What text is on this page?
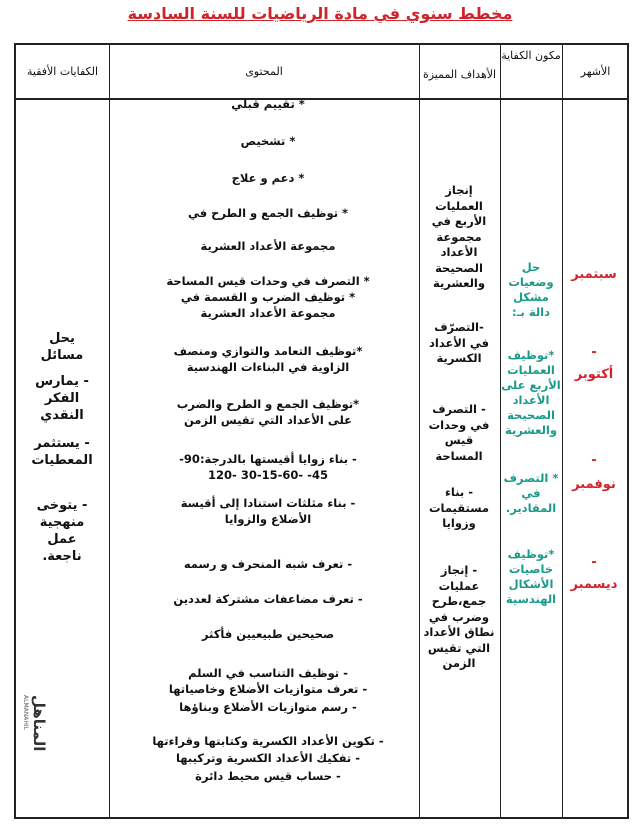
مخطط سنوي في مادة الرياضيات للسنة السادسة
الكفايات الأفقية	المحتوى	الأهداف المميزة
مكون الكفاية
الأشهر
يحل مسائل
- يمارس الفكر النقدي
- يستثمر المعطيات
- يتوخى منهجية عمل ناجعة.
المناهل
ALMANAHIL
* تقييم قبلي
* تشخيص
* دعم و علاج
* توظيف الجمع و الطرح في
مجموعة الأعداد العشرية
* التصرف في وحدات قيس المساحة
* توظيف الضرب و القسمة في
مجموعة الأعداد العشرية
*توظيف التعامد والتوازي ومنصف
الزاوية في البناءات الهندسية
*توظيف الجمع و الطرح والضرب
على الأعداد التي تقيس الزمن
- بناء زوايا أقيستها بالدرجة:90-
45- -30-15-60 -120
- بناء مثلثات استنادا إلى أقيسة
الأضلاع والزوايا
- تعرف شبه المنحرف و رسمه
- تعرف مضاعفات مشتركة لعددين
صحيحين طبيعيين فأكثر
- توظيف التناسب في السلم
- تعرف متوازيات الأضلاع وخاصياتها
- رسم متوازيات الأضلاع وبناؤها
- تكوين الأعداد الكسرية وكتابتها وقراءتها
- تفكيك الأعداد الكسرية وتركيبها
- حساب قيس محيط دائرة
إنجاز العمليات الأربع في مجموعة الأعداد الصحيحة والعشرية
-التصرّف في الأعداد الكسرية
- التصرف في وحدات قيس المساحة
- بناء مستقيمات وزوايا
- إنجاز عمليات جمع،طرح وضرب في نطاق الأعداد التي تقيس الزمن
حل وضعيات مشكل دالة بـ:
*توظيف العمليات الأربع على الأعداد الصحيحة والعشرية
* التصرف في المقادير.
*توظيف خاصيات الأشكال الهندسية
سبتمبر
-
أكتوبر
-
نوفمبر
-
ديسمبر
